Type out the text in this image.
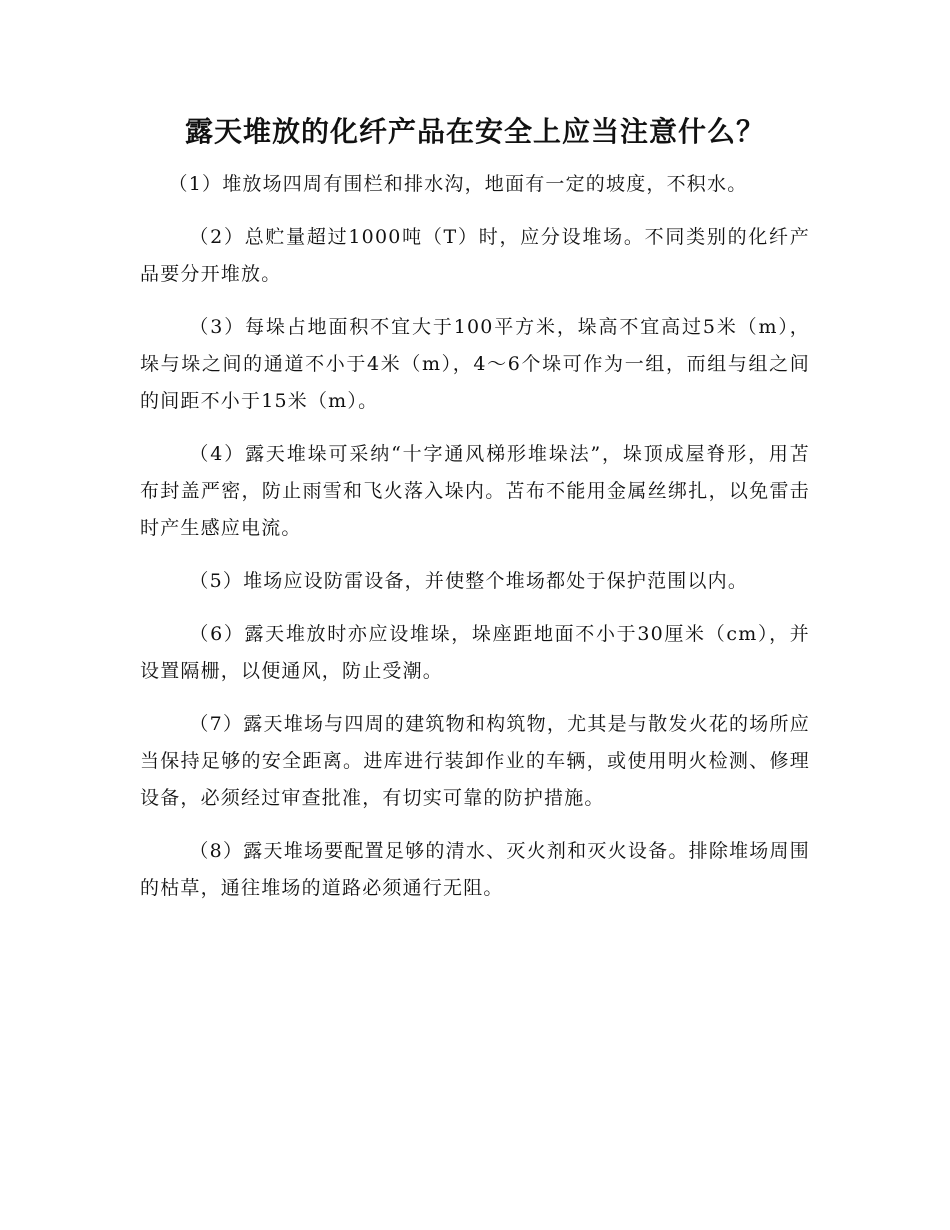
露天堆放的化纤产品在安全上应当注意什么？

（1）堆放场四周有围栏和排水沟，地面有一定的坡度，不积水。

（2）总贮量超过1000吨（T）时，应分设堆场。不同类别的化纤产品要分开堆放。

（3）每垛占地面积不宜大于100平方米，垛高不宜高过5米（m），垛与垛之间的通道不小于4米（m），4～6个垛可作为一组，而组与组之间的间距不小于15米（m）。

（4）露天堆垛可采纳“十字通风梯形堆垛法”，垛顶成屋脊形，用苫布封盖严密，防止雨雪和飞火落入垛内。苫布不能用金属丝绑扎，以免雷击时产生感应电流。

（5）堆场应设防雷设备，并使整个堆场都处于保护范围以内。

（6）露天堆放时亦应设堆垛，垛座距地面不小于30厘米（cm），并设置隔栅，以便通风，防止受潮。

（7）露天堆场与四周的建筑物和构筑物，尤其是与散发火花的场所应当保持足够的安全距离。进库进行装卸作业的车辆，或使用明火检测、修理设备，必须经过审查批准，有切实可靠的防护措施。

（8）露天堆场要配置足够的清水、灭火剂和灭火设备。排除堆场周围的枯草，通往堆场的道路必须通行无阻。
